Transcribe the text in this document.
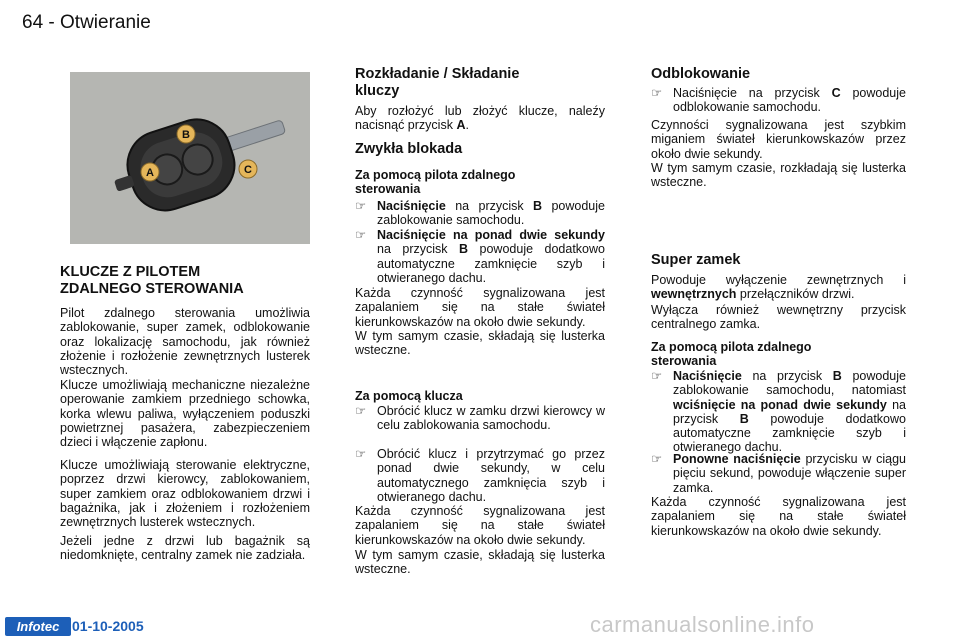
64 - Otwieranie
B
A	C
KLUCZE Z PILOTEM ZDALNEGO STEROWANIA
Pilot zdalnego sterowania umożliwia zablokowanie, super zamek, odblokowanie oraz lokalizację samochodu, jak również złożenie i rozłożenie zewnętrznych lusterek wstecznych.
Klucze umożliwiają mechaniczne niezależne operowanie zamkiem przedniego schowka, korka wlewu paliwa, wyłączeniem poduszki powietrznej pasażera, zabezpieczeniem dzieci i włączenie zapłonu.
Klucze umożliwiają sterowanie elektryczne, poprzez drzwi kierowcy, zablokowaniem, super zamkiem oraz odblokowaniem drzwi i bagażnika, jak i złożeniem i rozłożeniem zewnętrznych lusterek wstecznych.
Jeżeli jedne z drzwi lub bagażnik są niedomknięte, centralny zamek nie zadziała.
Rozkładanie / Składanie kluczy
Aby rozłożyć lub złożyć klucze, naleźy nacisnąć przycisk A.
Zwykła blokada
Za pomocą pilota zdalnego sterowania
☞ Naciśnięcie na przycisk B powoduje zablokowanie samochodu.
☞ Naciśnięcie na ponad dwie sekundy na przycisk B powoduje dodatkowo automatyczne zamknięcie szyb i otwieranego dachu.
Każda czynność sygnalizowana jest zapalaniem się na stałe świateł kierunkowskazów na około dwie sekundy.
W tym samym czasie, składają się lusterka wsteczne.
Za pomocą klucza
☞ Obrócić klucz w zamku drzwi kierowcy w celu zablokowania samochodu.
☞ Obrócić klucz i przytrzymać go przez ponad dwie sekundy, w celu automatycznego zamknięcia szyb i otwieranego dachu.
Każda czynność sygnalizowana jest zapalaniem się na stałe świateł kierunkowskazów na około dwie sekundy.
W tym samym czasie, składają się lusterka wsteczne.
Odblokowanie
☞ Naciśnięcie na przycisk C powoduje odblokowanie samochodu.
Czynności sygnalizowana jest szybkim miganiem świateł kierunkowskazów przez około dwie sekundy.
W tym samym czasie, rozkładają się lusterka wsteczne.
Super zamek
Powoduje wyłączenie zewnętrznych i wewnętrznych przełączników drzwi.
Wyłącza również wewnętrzny przycisk centralnego zamka.
Za pomocą pilota zdalnego sterowania
☞ Naciśnięcie na przycisk B powoduje zablokowanie samochodu, natomiast wciśnięcie na ponad dwie sekundy na przycisk B powoduje dodatkowo automatyczne zamknięcie szyb i otwieranego dachu.
☞ Ponowne naciśnięcie przycisku w ciągu pięciu sekund, powoduje włączenie super zamka.
Każda czynność sygnalizowana jest zapalaniem się na stałe świateł kierunkowskazów na około dwie sekundy.
Infotec 01-10-2005	carmanualsonline.info
